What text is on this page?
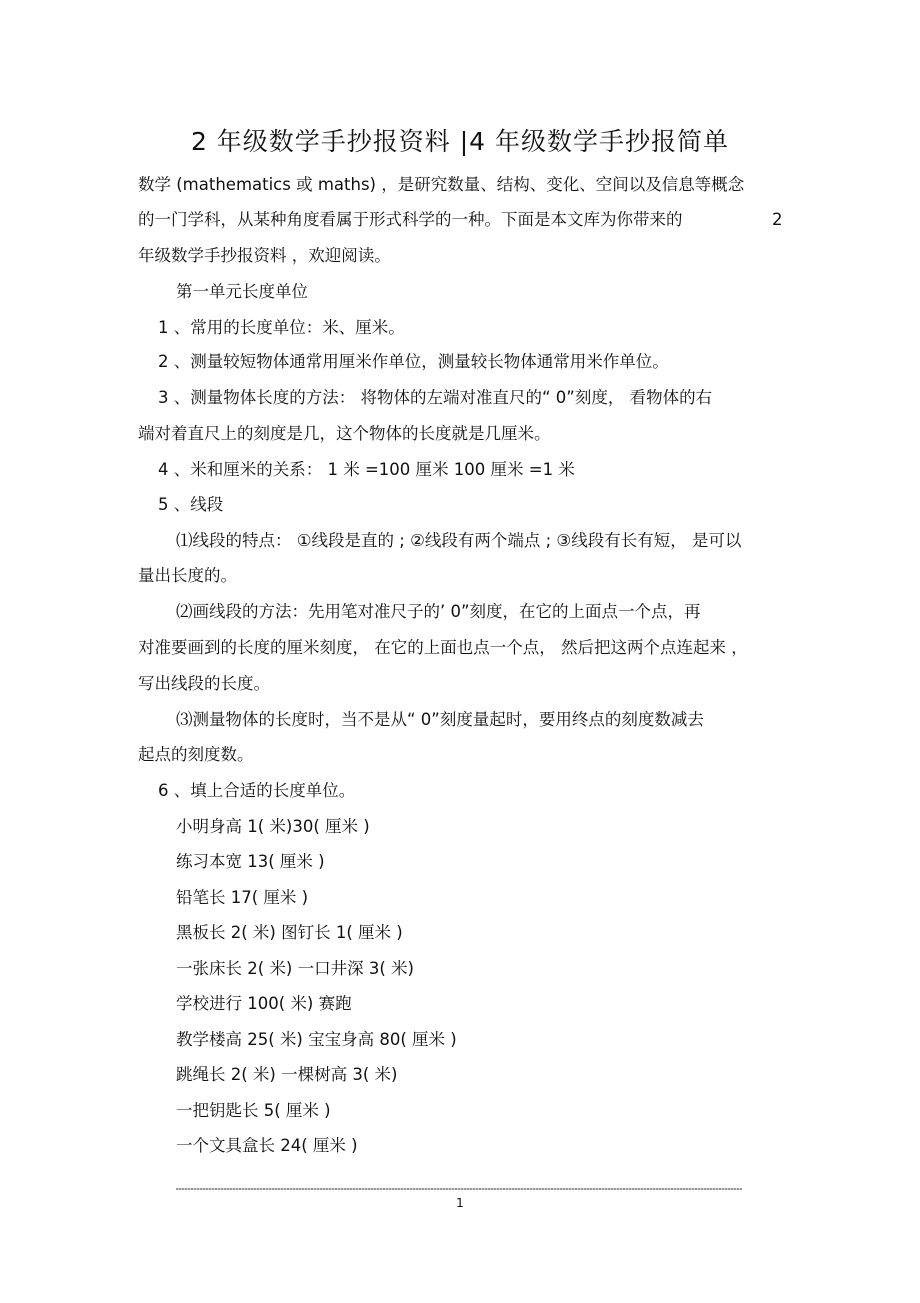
2 年级数学手抄报资料 |4 年级数学手抄报简单
数学 (mathematics 或 maths) ，是研究数量、结构、变化、空间以及信息等概念
的一门学科，从某种角度看属于形式科学的一种。下面是本文库为你带来的	2
年级数学手抄报资料 ，欢迎阅读。
第一单元长度单位
1 、常用的长度单位：米、厘米。
2 、测量较短物体通常用厘米作单位，测量较长物体通常用米作单位。
3 、测量物体长度的方法： 将物体的左端对准直尺的“ 0”刻度， 看物体的右
端对着直尺上的刻度是几，这个物体的长度就是几厘米。
4 、米和厘米的关系： 1 米 =100 厘米 100 厘米 =1 米
5 、线段
⑴线段的特点： ①线段是直的 ; ②线段有两个端点 ; ③线段有长有短， 是可以
量出长度的。
⑵画线段的方法：先用笔对准尺子的’ 0”刻度，在它的上面点一个点，再
对准要画到的长度的厘米刻度， 在它的上面也点一个点， 然后把这两个点连起来 ，
写出线段的长度。
⑶测量物体的长度时，当不是从“ 0”刻度量起时，要用终点的刻度数减去
起点的刻度数。
6 、填上合适的长度单位。
小明身高 1( 米)30( 厘米 )
练习本宽 13( 厘米 )
铅笔长 17( 厘米 )
黑板长 2( 米) 图钉长 1( 厘米 )
一张床长 2( 米) 一口井深 3( 米)
学校进行 100( 米) 赛跑
教学楼高 25( 米) 宝宝身高 80( 厘米 )
跳绳长 2( 米) 一棵树高 3( 米)
一把钥匙长 5( 厘米 )
一个文具盒长 24( 厘米 )
1
